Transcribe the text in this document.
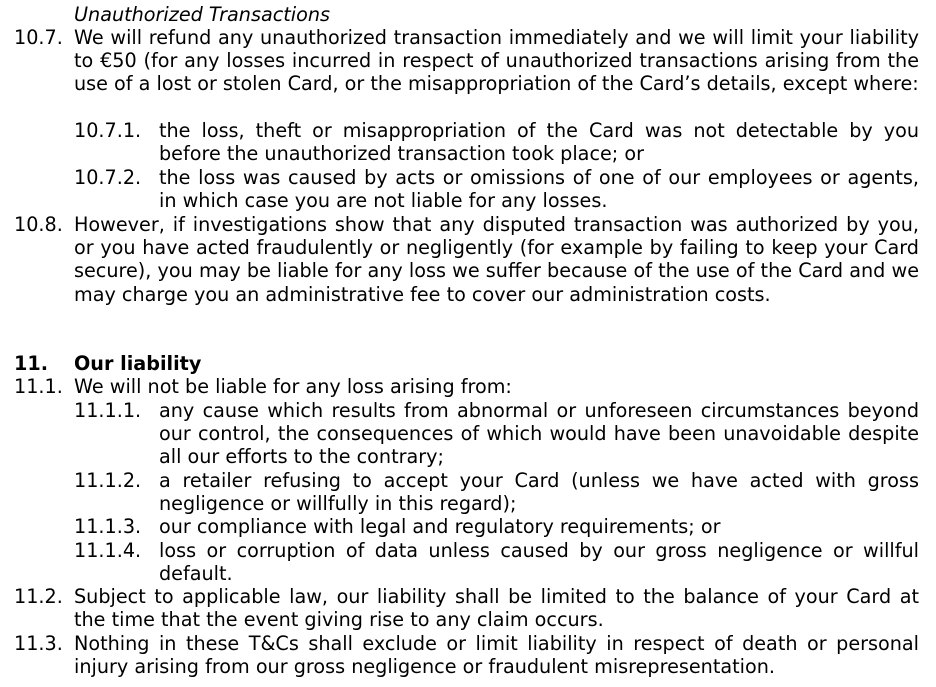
Unauthorized Transactions

10.7. We will refund any unauthorized transaction immediately and we will limit your liability to €50 (for any losses incurred in respect of unauthorized transactions arising from the use of a lost or stolen Card, or the misappropriation of the Card’s details, except where:
10.7.1. the loss, theft or misappropriation of the Card was not detectable by you before the unauthorized transaction took place; or
10.7.2. the loss was caused by acts or omissions of one of our employees or agents, in which case you are not liable for any losses.
10.8. However, if investigations show that any disputed transaction was authorized by you, or you have acted fraudulently or negligently (for example by failing to keep your Card secure), you may be liable for any loss we suffer because of the use of the Card and we may charge you an administrative fee to cover our administration costs.
11. Our liability
11.1. We will not be liable for any loss arising from:
11.1.1. any cause which results from abnormal or unforeseen circumstances beyond our control, the consequences of which would have been unavoidable despite all our efforts to the contrary;
11.1.2. a retailer refusing to accept your Card (unless we have acted with gross negligence or willfully in this regard);
11.1.3. our compliance with legal and regulatory requirements; or
11.1.4. loss or corruption of data unless caused by our gross negligence or willful default.
11.2. Subject to applicable law, our liability shall be limited to the balance of your Card at the time that the event giving rise to any claim occurs.
11.3. Nothing in these T&Cs shall exclude or limit liability in respect of death or personal injury arising from our gross negligence or fraudulent misrepresentation.
